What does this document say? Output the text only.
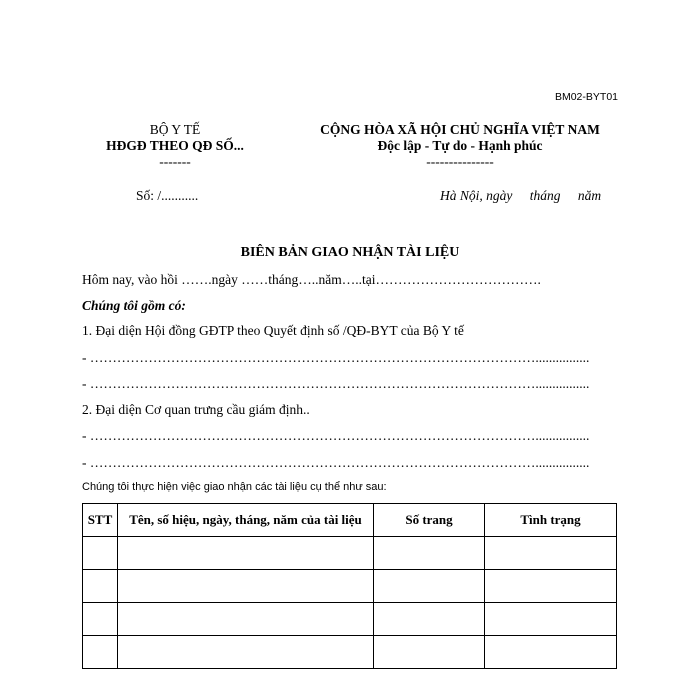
BM02-BYT01
BỘ Y TẾ
HĐGĐ THEO QĐ SỐ...
-------
CỘNG HÒA XÃ HỘI CHỦ NGHĨA VIỆT NAM
Độc lập - Tự do - Hạnh phúc
---------------
Số: /...........	Hà Nội, ngày tháng năm
BIÊN BẢN GIAO NHẬN TÀI LIỆU
Hôm nay, vào hồi …….ngày ……tháng…..năm…..tại……………………………….
Chúng tôi gồm có:
1. Đại diện Hội đồng GĐTP theo Quyết định số /QĐ-BYT của Bộ Y tế
- ………………………………………………………………………………………................
- ………………………………………………………………………………………................
2. Đại diện Cơ quan trưng cầu giám định..
- ………………………………………………………………………………………................
- ………………………………………………………………………………………................
Chúng tôi thực hiện việc giao nhận các tài liệu cụ thể như sau:
STT	Tên, số hiệu, ngày, tháng, năm của tài liệu	Số trang	Tình trạng
